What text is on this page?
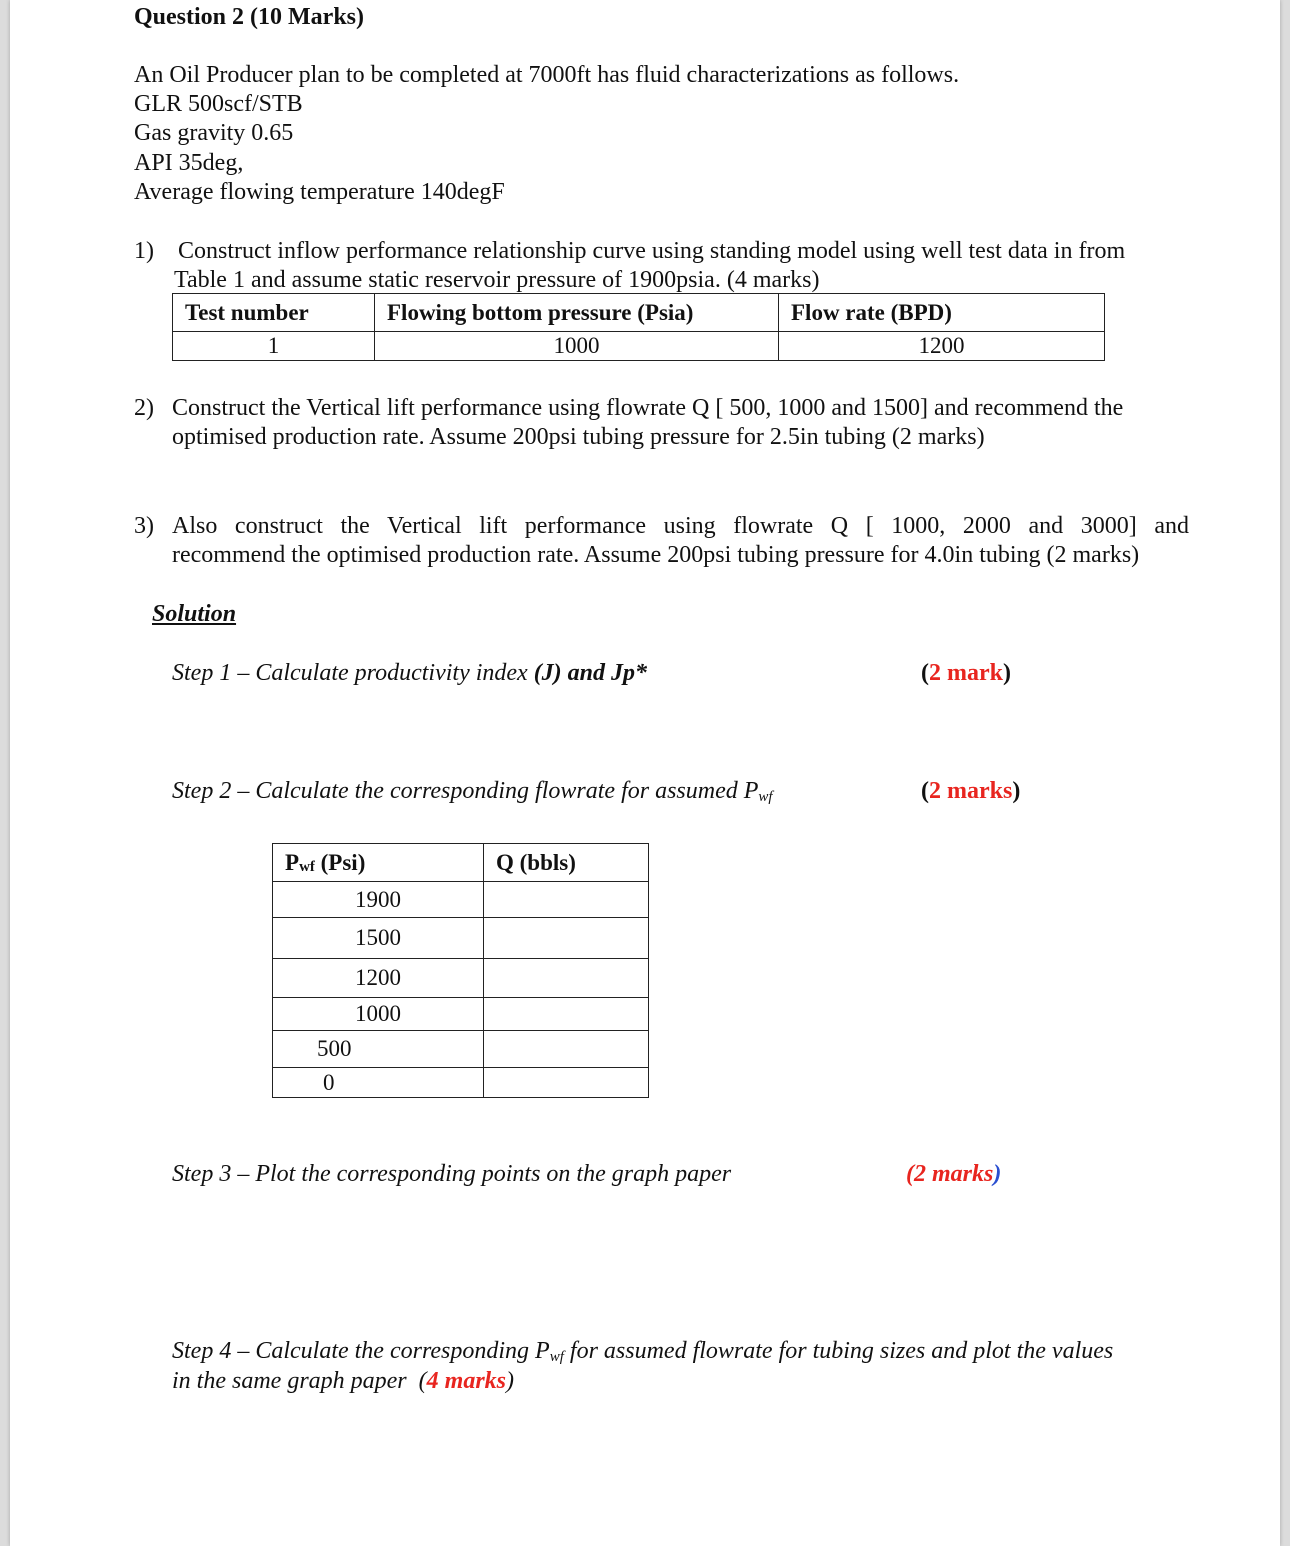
Question 2 (10 Marks)
An Oil Producer plan to be completed at 7000ft has fluid characterizations as follows.
GLR 500scf/STB
Gas gravity 0.65
API 35deg,
Average flowing temperature 140degF
1) Construct inflow performance relationship curve using standing model using well test data in from
Table 1 and assume static reservoir pressure of 1900psia. (4 marks)
Test number	Flowing bottom pressure (Psia)	Flow rate (BPD)
1	1000	1200
2) Construct the Vertical lift performance using flowrate Q [ 500, 1000 and 1500] and recommend the
optimised production rate. Assume 200psi tubing pressure for 2.5in tubing (2 marks)
3) Also construct the Vertical lift performance using flowrate Q [ 1000, 2000 and 3000] and
recommend the optimised production rate. Assume 200psi tubing pressure for 4.0in tubing (2 marks)
Solution
Step 1 – Calculate productivity index (J) and Jp*	(2 mark)
Step 2 – Calculate the corresponding flowrate for assumed $P_{wf}$	(2 marks)
$P_{wf}$ (Psi)	Q (bbls)
1900	
1500	
1200	
1000	
500	
0	
Step 3 – Plot the corresponding points on the graph paper	(2 marks)
Step 4 – Calculate the corresponding $P_{wf}$ for assumed flowrate for tubing sizes and plot the values
in the same graph paper  (4 marks)
